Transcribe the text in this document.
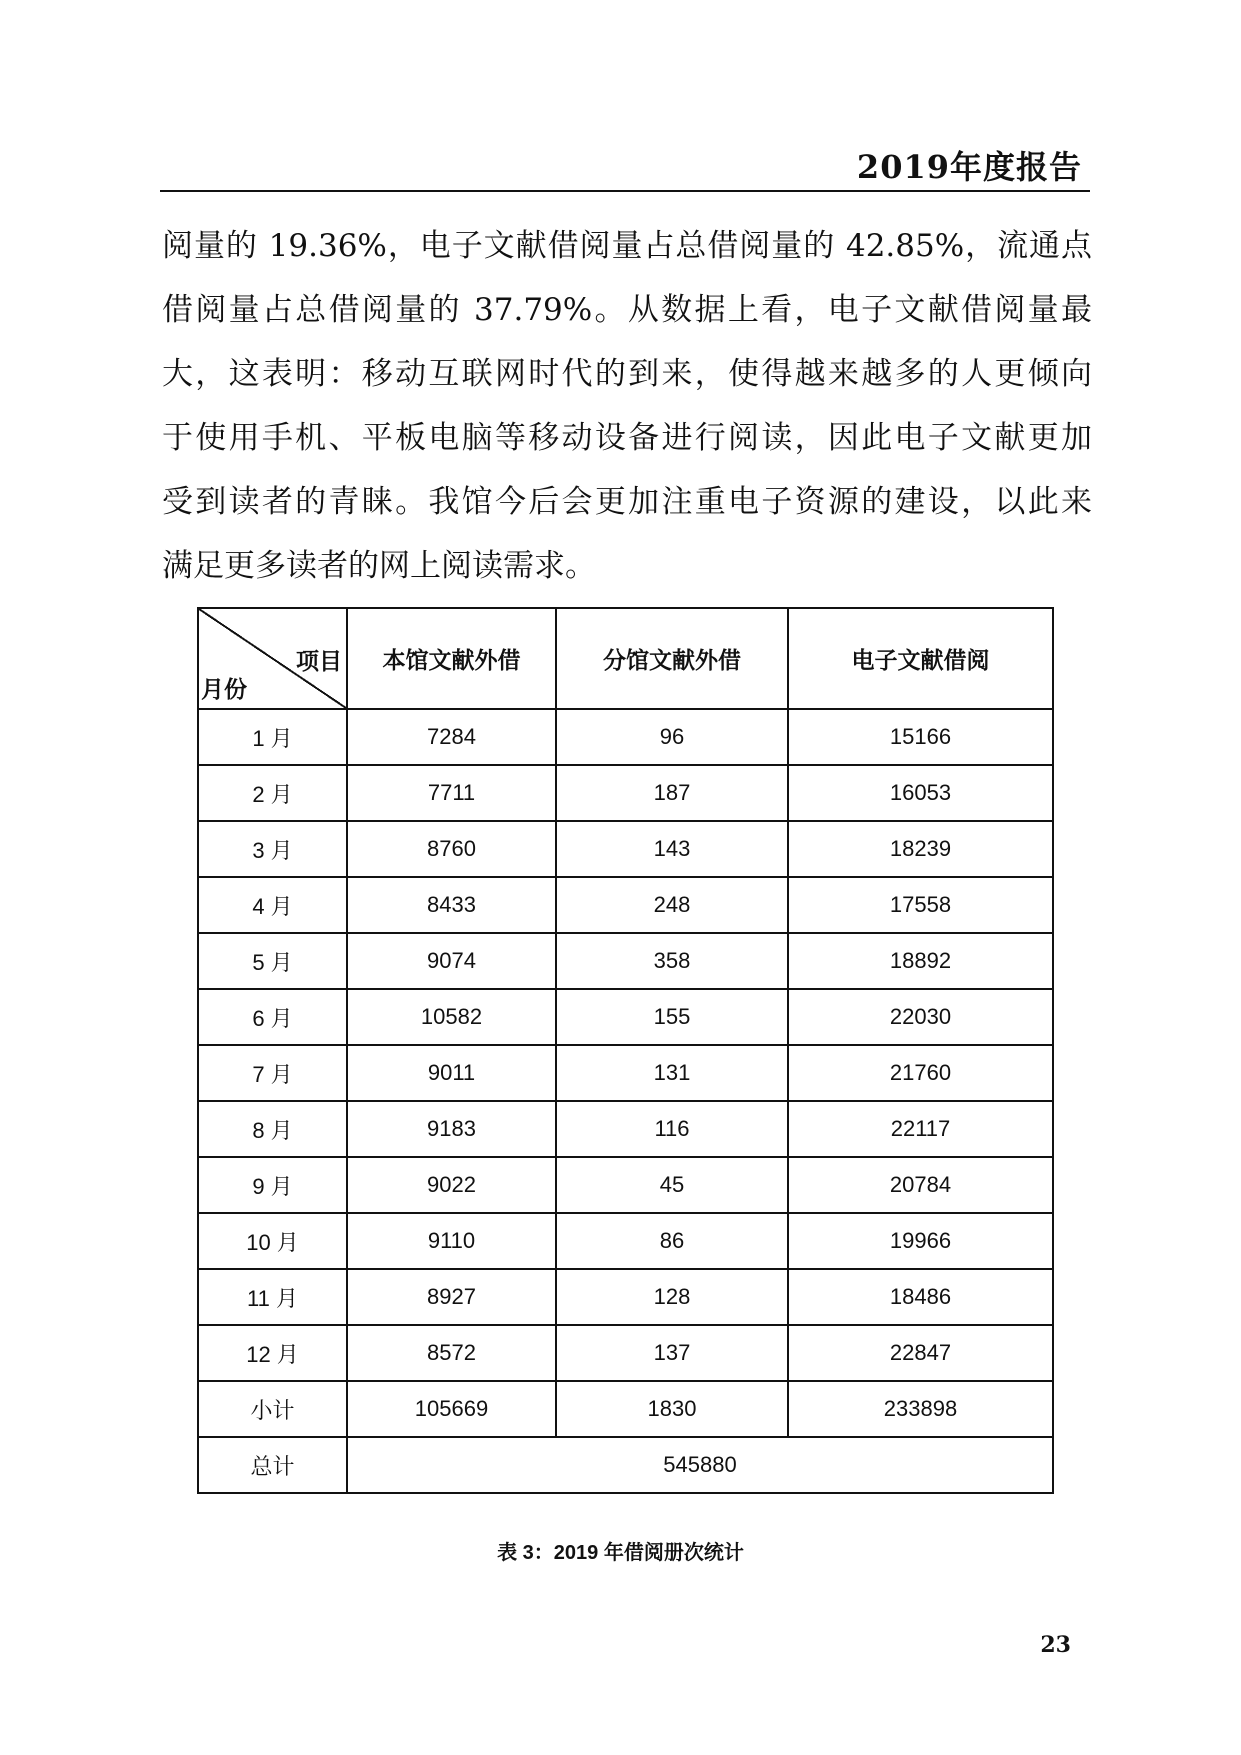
2019年度报告
阅量的 19.36%，电子文献借阅量占总借阅量的 42.85%，流通点
借阅量占总借阅量的 37.79%。从数据上看，电子文献借阅量最
大，这表明：移动互联网时代的到来，使得越来越多的人更倾向
于使用手机、平板电脑等移动设备进行阅读，因此电子文献更加
受到读者的青睐。我馆今后会更加注重电子资源的建设，以此来
满足更多读者的网上阅读需求。
项目
月份	本馆文献外借	分馆文献外借	电子文献借阅
1 月	7284	96	15166
2 月	7711	187	16053
3 月	8760	143	18239
4 月	8433	248	17558
5 月	9074	358	18892
6 月	10582	155	22030
7 月	9011	131	21760
8 月	9183	116	22117
9 月	9022	45	20784
10 月	9110	86	19966
11 月	8927	128	18486
12 月	8572	137	22847
小计	105669	1830	233898
总计	545880		
表 3：2019 年借阅册次统计
23
